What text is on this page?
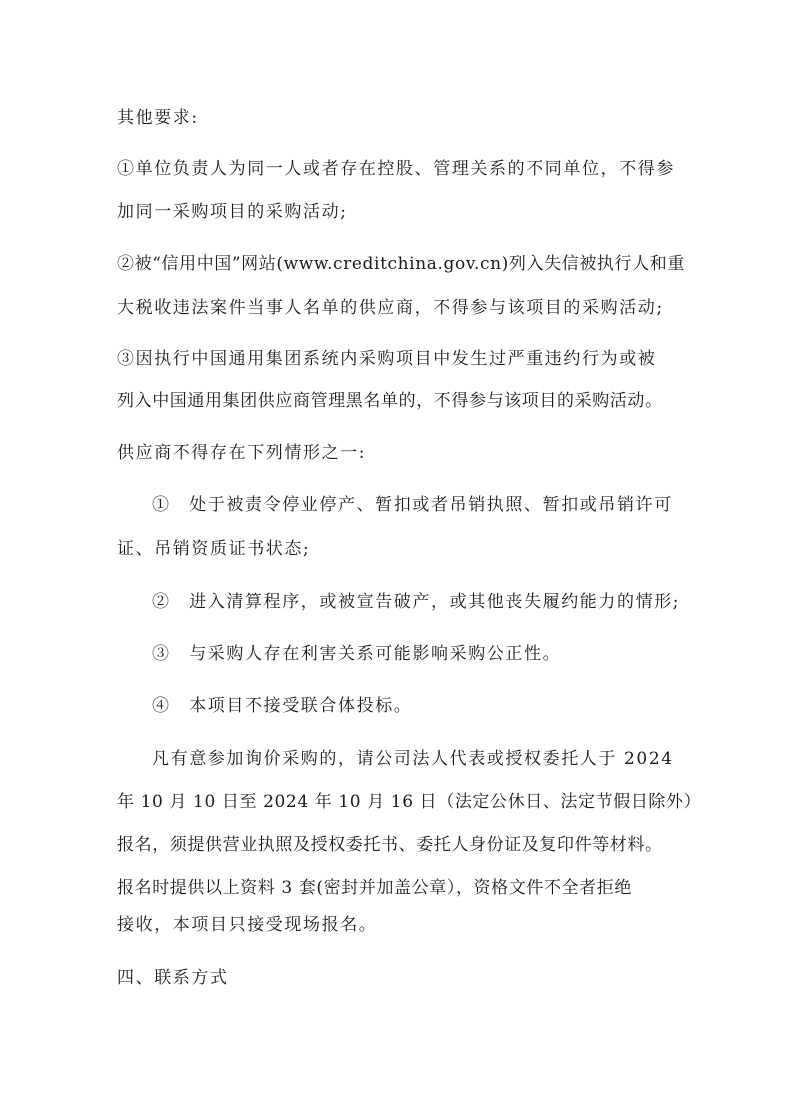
其他要求:
①单位负责人为同一人或者存在控股、管理关系的不同单位，不得参
加同一采购项目的采购活动;
②被“信用中国”网站(www.creditchina.gov.cn)列入失信被执行人和重
大税收违法案件当事人名单的供应商，不得参与该项目的采购活动;
③因执行中国通用集团系统内采购项目中发生过严重违约行为或被
列入中国通用集团供应商管理黑名单的，不得参与该项目的采购活动。
供应商不得存在下列情形之一:
①　处于被责令停业停产、暂扣或者吊销执照、暂扣或吊销许可
证、吊销资质证书状态;
②　进入清算程序，或被宣告破产，或其他丧失履约能力的情形;
③　与采购人存在利害关系可能影响采购公正性。
④　本项目不接受联合体投标。
凡有意参加询价采购的，请公司法人代表或授权委托人于 2024
年 10 月 10 日至 2024 年 10 月 16 日（法定公休日、法定节假日除外）
报名，须提供营业执照及授权委托书、委托人身份证及复印件等材料。
报名时提供以上资料 3 套(密封并加盖公章），资格文件不全者拒绝
接收，本项目只接受现场报名。
四、联系方式
